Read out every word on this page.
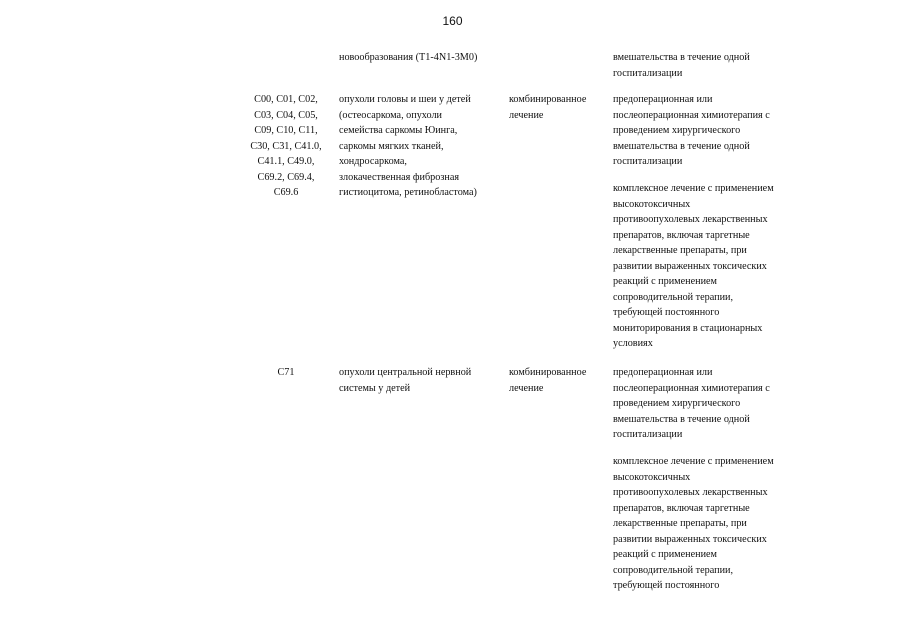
160
новообразования (T1-4N1-3M0)	вмешательства в течение одной
госпитализации
C00, C01, C02,
C03, C04, C05,
C09, C10, C11,
C30, C31, C41.0,
C41.1, C49.0,
C69.2, C69.4,
C69.6
опухоли головы и шеи у детей
(остеосаркома, опухоли
семейства саркомы Юинга,
саркомы мягких тканей,
хондросаркома,
злокачественная фиброзная
гистиоцитома, ретинобластома)
комбинированное
лечение
предоперационная или
послеоперационная химиотерапия с
проведением хирургического
вмешательства в течение одной
госпитализации
комплексное лечение с применением
высокотоксичных
противоопухолевых лекарственных
препаратов, включая таргетные
лекарственные препараты, при
развитии выраженных токсических
реакций с применением
сопроводительной терапии,
требующей постоянного
мониторирования в стационарных
условиях
C71	опухоли центральной нервной
системы у детей
комбинированное
лечение
предоперационная или
послеоперационная химиотерапия с
проведением хирургического
вмешательства в течение одной
госпитализации
комплексное лечение с применением
высокотоксичных
противоопухолевых лекарственных
препаратов, включая таргетные
лекарственные препараты, при
развитии выраженных токсических
реакций с применением
сопроводительной терапии,
требующей постоянного
